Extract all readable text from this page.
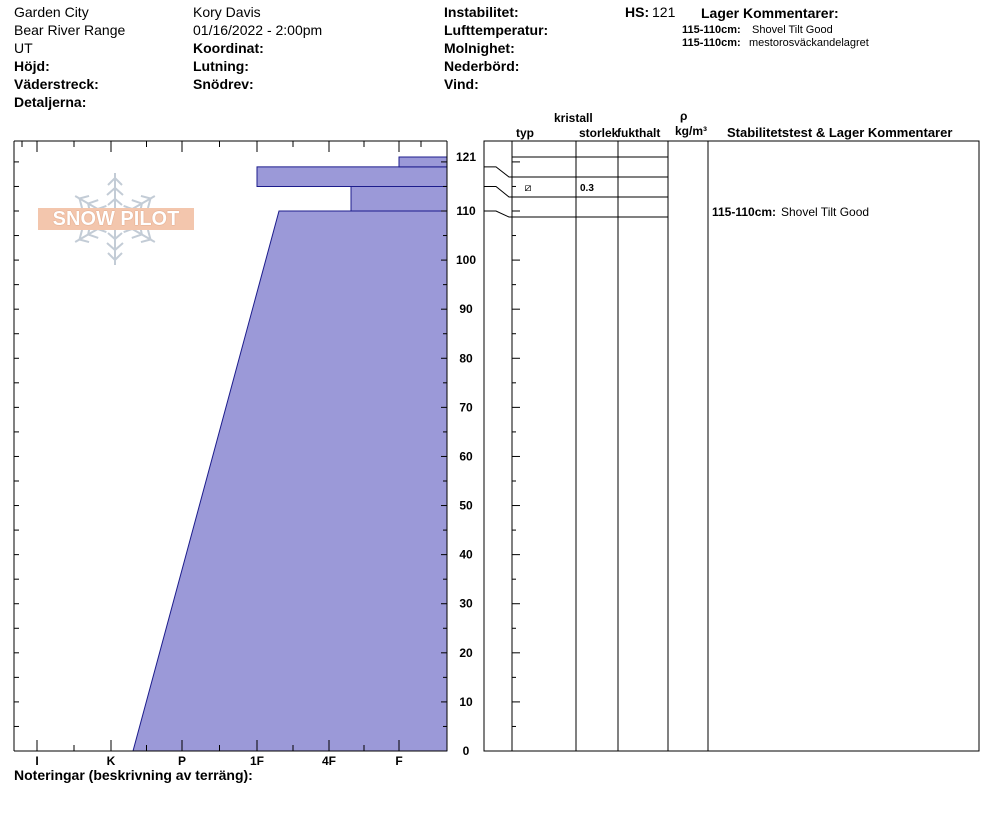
Garden City
Bear River Range
UT
Höjd:
Väderstreck:
Detaljerna:
Kory Davis
01/16/2022 - 2:00pm
Koordinat:
Lutning:
Snödrev:
Instabilitet:
Lufttemperatur:
Molnighet:
Nederbörd:
Vind:
HS: 121 Lager Kommentarer:
115-110cm: Shovel Tilt Good
115-110cm: mestorosväckandelagret
kristall
typ	storlek
fukthalt
ρ
kg/m³ Stabilitetstest & Lager Kommentarer
SNOW PILOT
I	K	P	1F	4F	F
0
10
20
30
40
50
60
70
80
90
100
110
121
⧄	0.3
115-110cm: Shovel Tilt Good
Noteringar (beskrivning av terräng):
